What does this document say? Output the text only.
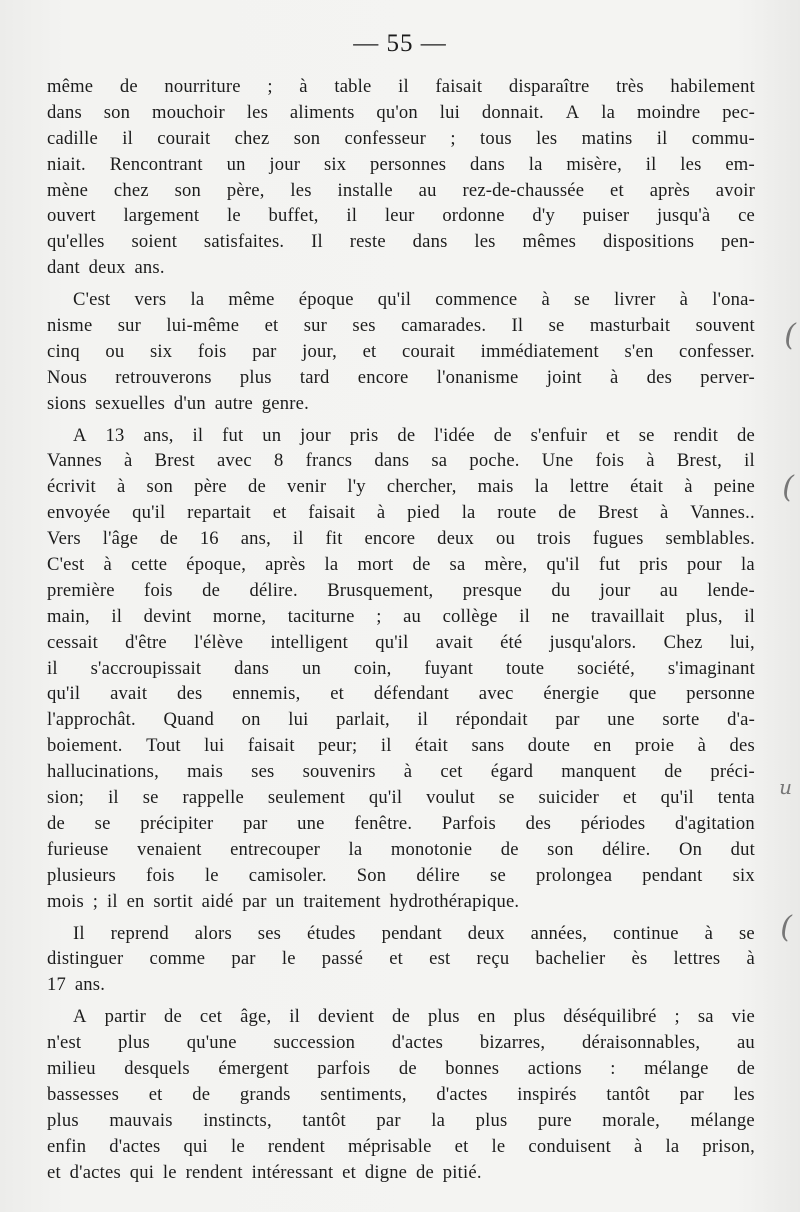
— 55 —
même de nourriture ; à table il faisait disparaître très habilement
dans son mouchoir les aliments qu'on lui donnait. A la moindre pec-
cadille il courait chez son confesseur ; tous les matins il commu-
niait. Rencontrant un jour six personnes dans la misère, il les em-
mène chez son père, les installe au rez-de-chaussée et après avoir
ouvert largement le buffet, il leur ordonne d'y puiser jusqu'à ce
qu'elles soient satisfaites. Il reste dans les mêmes dispositions pen-
dant deux ans.
C'est vers la même époque qu'il commence à se livrer à l'ona-
nisme sur lui-même et sur ses camarades. Il se masturbait souvent
cinq ou six fois par jour, et courait immédiatement s'en confesser.
Nous retrouverons plus tard encore l'onanisme joint à des perver-
sions sexuelles d'un autre genre.
A 13 ans, il fut un jour pris de l'idée de s'enfuir et se rendit de
Vannes à Brest avec 8 francs dans sa poche. Une fois à Brest, il
écrivit à son père de venir l'y chercher, mais la lettre était à peine
envoyée qu'il repartait et faisait à pied la route de Brest à Vannes..
Vers l'âge de 16 ans, il fit encore deux ou trois fugues semblables.
C'est à cette époque, après la mort de sa mère, qu'il fut pris pour la
première fois de délire. Brusquement, presque du jour au lende-
main, il devint morne, taciturne ; au collège il ne travaillait plus, il
cessait d'être l'élève intelligent qu'il avait été jusqu'alors. Chez lui,
il s'accroupissait dans un coin, fuyant toute société, s'imaginant
qu'il avait des ennemis, et défendant avec énergie que personne
l'approchât. Quand on lui parlait, il répondait par une sorte d'a-
boiement. Tout lui faisait peur; il était sans doute en proie à des
hallucinations, mais ses souvenirs à cet égard manquent de préci-
sion; il se rappelle seulement qu'il voulut se suicider et qu'il tenta
de se précipiter par une fenêtre. Parfois des périodes d'agitation
furieuse venaient entrecouper la monotonie de son délire. On dut
plusieurs fois le camisoler. Son délire se prolongea pendant six
mois ; il en sortit aidé par un traitement hydrothérapique.
Il reprend alors ses études pendant deux années, continue à se
distinguer comme par le passé et est reçu bachelier ès lettres à
17 ans.
A partir de cet âge, il devient de plus en plus déséquilibré ; sa vie
n'est plus qu'une succession d'actes bizarres, déraisonnables, au
milieu desquels émergent parfois de bonnes actions : mélange de
bassesses et de grands sentiments, d'actes inspirés tantôt par les
plus mauvais instincts, tantôt par la plus pure morale, mélange
enfin d'actes qui le rendent méprisable et le conduisent à la prison,
et d'actes qui le rendent intéressant et digne de pitié.
(
(
u
(
